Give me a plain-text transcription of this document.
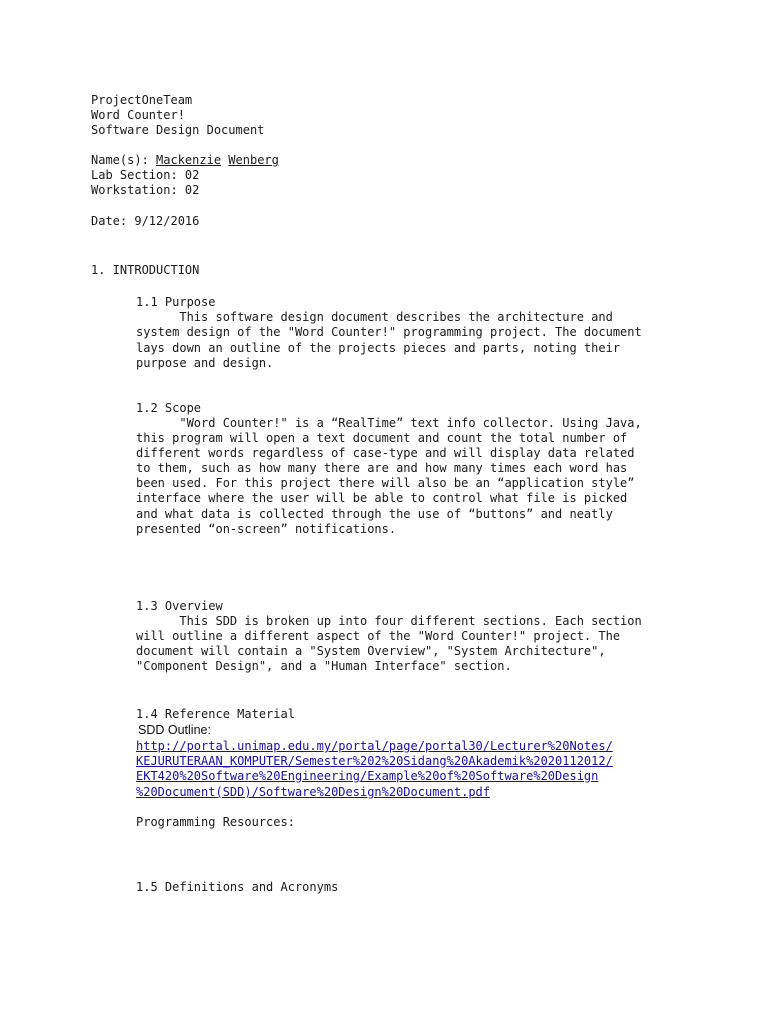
ProjectOneTeam
Word Counter!
Software Design Document
Name(s): Mackenzie Wenberg
Lab Section: 02
Workstation: 02
Date: 9/12/2016
1. INTRODUCTION
1.1 Purpose
This software design document describes the architecture and
system design of the "Word Counter!" programming project. The document
lays down an outline of the projects pieces and parts, noting their
purpose and design.
1.2 Scope
"Word Counter!" is a “RealTime” text info collector. Using Java,
this program will open a text document and count the total number of
different words regardless of case-type and will display data related
to them, such as how many there are and how many times each word has
been used. For this project there will also be an “application style”
interface where the user will be able to control what file is picked
and what data is collected through the use of “buttons” and neatly
presented “on-screen” notifications.
1.3 Overview
This SDD is broken up into four different sections. Each section
will outline a different aspect of the "Word Counter!" project. The
document will contain a "System Overview", "System Architecture",
"Component Design", and a "Human Interface" section.
1.4 Reference Material
SDD Outline:
http://portal.unimap.edu.my/portal/page/portal30/Lecturer%20Notes/
KEJURUTERAAN_KOMPUTER/Semester%202%20Sidang%20Akademik%2020112012/
EKT420%20Software%20Engineering/Example%20of%20Software%20Design
%20Document(SDD)/Software%20Design%20Document.pdf
Programming Resources:
1.5 Definitions and Acronyms
